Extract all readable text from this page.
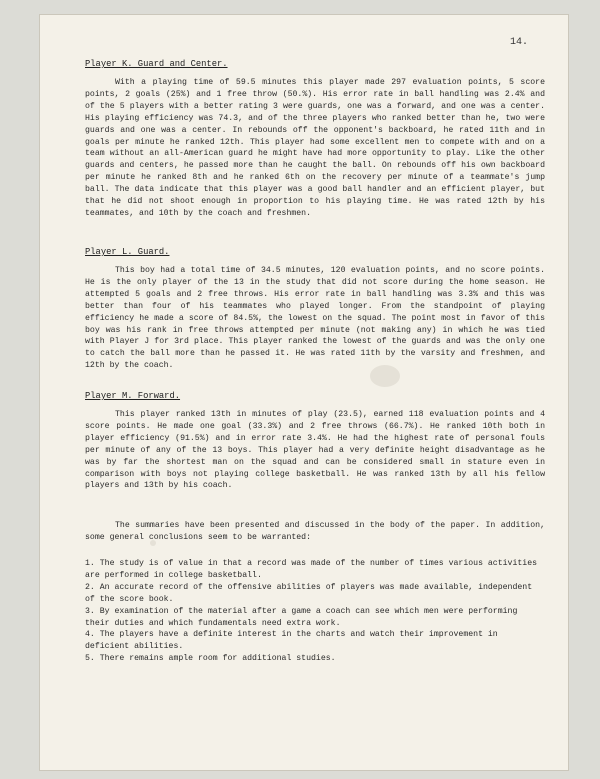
14.
Player K. Guard and Center.

With a playing time of 59.5 minutes this player made 297 evaluation points, 5 score points, 2 goals (25%) and 1 free throw (50.%). His error rate in ball handling was 2.4% and of the 5 players with a better rating 3 were guards, one was a forward, and one was a center. His playing efficiency was 74.3, and of the three players who ranked better than he, two were guards and one was a center. In rebounds off the opponent's backboard, he rated 11th and in goals per minute he ranked 12th. This player had some excellent men to compete with and on a team without an all-American guard he might have had more opportunity to play. Like the other guards and centers, he passed more than he caught the ball. On rebounds off his own backboard per minute he ranked 8th and he ranked 6th on the recovery per minute of a teammate's jump ball. The data indicate that this player was a good ball handler and an efficient player, but that he did not shoot enough in proportion to his playing time. He was rated 12th by his teammates, and 10th by the coach and freshmen.

Player L. Guard.

This boy had a total time of 34.5 minutes, 120 evaluation points, and no score points. He is the only player of the 13 in the study that did not score during the home season. He attempted 5 goals and 2 free throws. His error rate in ball handling was 3.3% and this was better than four of his teammates who played longer. From the standpoint of playing efficiency he made a score of 84.5%, the lowest on the squad. The point most in favor of this boy was his rank in free throws attempted per minute (not making any) in which he was tied with Player J for 3rd place. This player ranked the lowest of the guards and was the only one to catch the ball more than he passed it. He was rated 11th by the varsity and freshmen, and 12th by the coach.

Player M. Forward.

This player ranked 13th in minutes of play (23.5), earned 118 evaluation points and 4 score points. He made one goal (33.3%) and 2 free throws (66.7%). He ranked 10th both in player efficiency (91.5%) and in error rate 3.4%. He had the highest rate of personal fouls per minute of any of the 13 boys. This player had a very definite height disadvantage as he was by far the shortest man on the squad and can be considered small in stature even in comparison with boys not playing college basketball. He was ranked 13th by all his fellow players and 13th by his coach.

The summaries have been presented and discussed in the body of the paper. In addition, some general conclusions seem to be warranted:

1. The study is of value in that a record was made of the number of times various activities are performed in college basketball.

2. An accurate record of the offensive abilities of players was made available, independent of the score book.

3. By examination of the material after a game a coach can see which men were performing their duties and which fundamentals need extra work.

4. The players have a definite interest in the charts and watch their improvement in deficient abilities.

5. There remains ample room for additional studies.
